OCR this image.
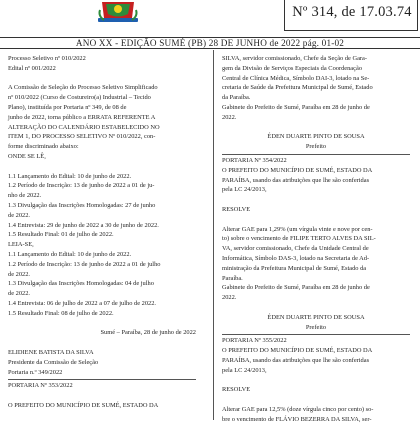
Nº 314, de 17.03.74
ANO XX - EDIÇÃO SUMÉ (PB) 28 DE JUNHO de 2022 pág. 01-02
Processo Seletivo nº 010/2022
Edital nº 001/2022

A Comissão de Seleção do Processo Seletivo Simplificado
nº 010/2022 (Curso de Costureiro(a) Industrial – Tecido
Plano), instituída por Portaria nº 349, de 08 de
junho de 2022, torna público a ERRATA REFERENTE A
ALTERAÇÃO DO CALENDÁRIO ESTABELECIDO NO
ITEM 1, DO PROCESSO SELETIVO Nº 010/2022, con-
forme discriminado abaixo:
ONDE SE LÊ,

1.1 Lançamento do Edital: 10 de junho de 2022.
1.2 Período de Inscrição: 13 de junho de 2022 a 01 de ju-
nho de 2022.
1.3 Divulgação das Inscrições Homologadas: 27 de junho
de 2022.
1.4 Entrevista: 29 de junho de 2022 a 30 de junho de 2022.
1.5 Resultado Final: 01 de julho de 2022.
LEIA-SE,
1.1 Lançamento do Edital: 10 de junho de 2022.
1.2 Período de Inscrição: 13 de junho de 2022 a 01 de julho
de 2022.
1.3 Divulgação das Inscrições Homologadas: 04 de julho
de 2022.
1.4 Entrevista: 06 de julho de 2022 a 07 de julho de 2022.
1.5 Resultado Final: 08 de julho de 2022.

Sumé – Paraíba, 28 de junho de 2022

ELIDIENE BATISTA DA SILVA
Presidente da Comissão de Seleção
Portaria n.º 349/2022
PORTARIA Nº 353/2022

O PREFEITO DO MUNICÍPIO DE SUMÉ, ESTADO DA
SILVA, servidor comissionado, Chefe da Seção de Gara-
gem da Divisão de Serviços Especiais da Coordenação
Central de Clínica Médica, Símbolo DAI-3, lotado na Se-
cretaria de Saúde da Prefeitura Municipal de Sumé, Estado
da Paraíba.
Gabinete do Prefeito de Sumé, Paraíba em 28 de junho de
2022.

ÉDEN DUARTE PINTO DE SOUSA
Prefeito
PORTARIA Nº 354/2022
O PREFEITO DO MUNICÍPIO DE SUMÉ, ESTADO DA
PARAÍBA, usando das atribuições que lhe são conferidas
pela LC 24/2013,

RESOLVE

Alterar GAE para 1,29% (um vírgula vinte e nove por cen-
to) sobre o vencimento de FILIPE TERTO ALVES DA SIL-
VA, servidor comissionado, Chefe da Unidade Central de
Informática, Símbolo DAS-3, lotado na Secretaria de Ad-
ministração da Prefeitura Municipal de Sumé, Estado da
Paraíba.
Gabinete do Prefeito de Sumé, Paraíba em 28 de junho de
2022.

ÉDEN DUARTE PINTO DE SOUSA
Prefeito
PORTARIA Nº 355/2022
O PREFEITO DO MUNICÍPIO DE SUMÉ, ESTADO DA
PARAÍBA, usando das atribuições que lhe são conferidas
pela LC 24/2013,

RESOLVE

Alterar GAE para 12,5% (doze vírgula cinco por cento) so-
bre o vencimento de FLÁVIO BEZERRA DA SILVA, ser-
